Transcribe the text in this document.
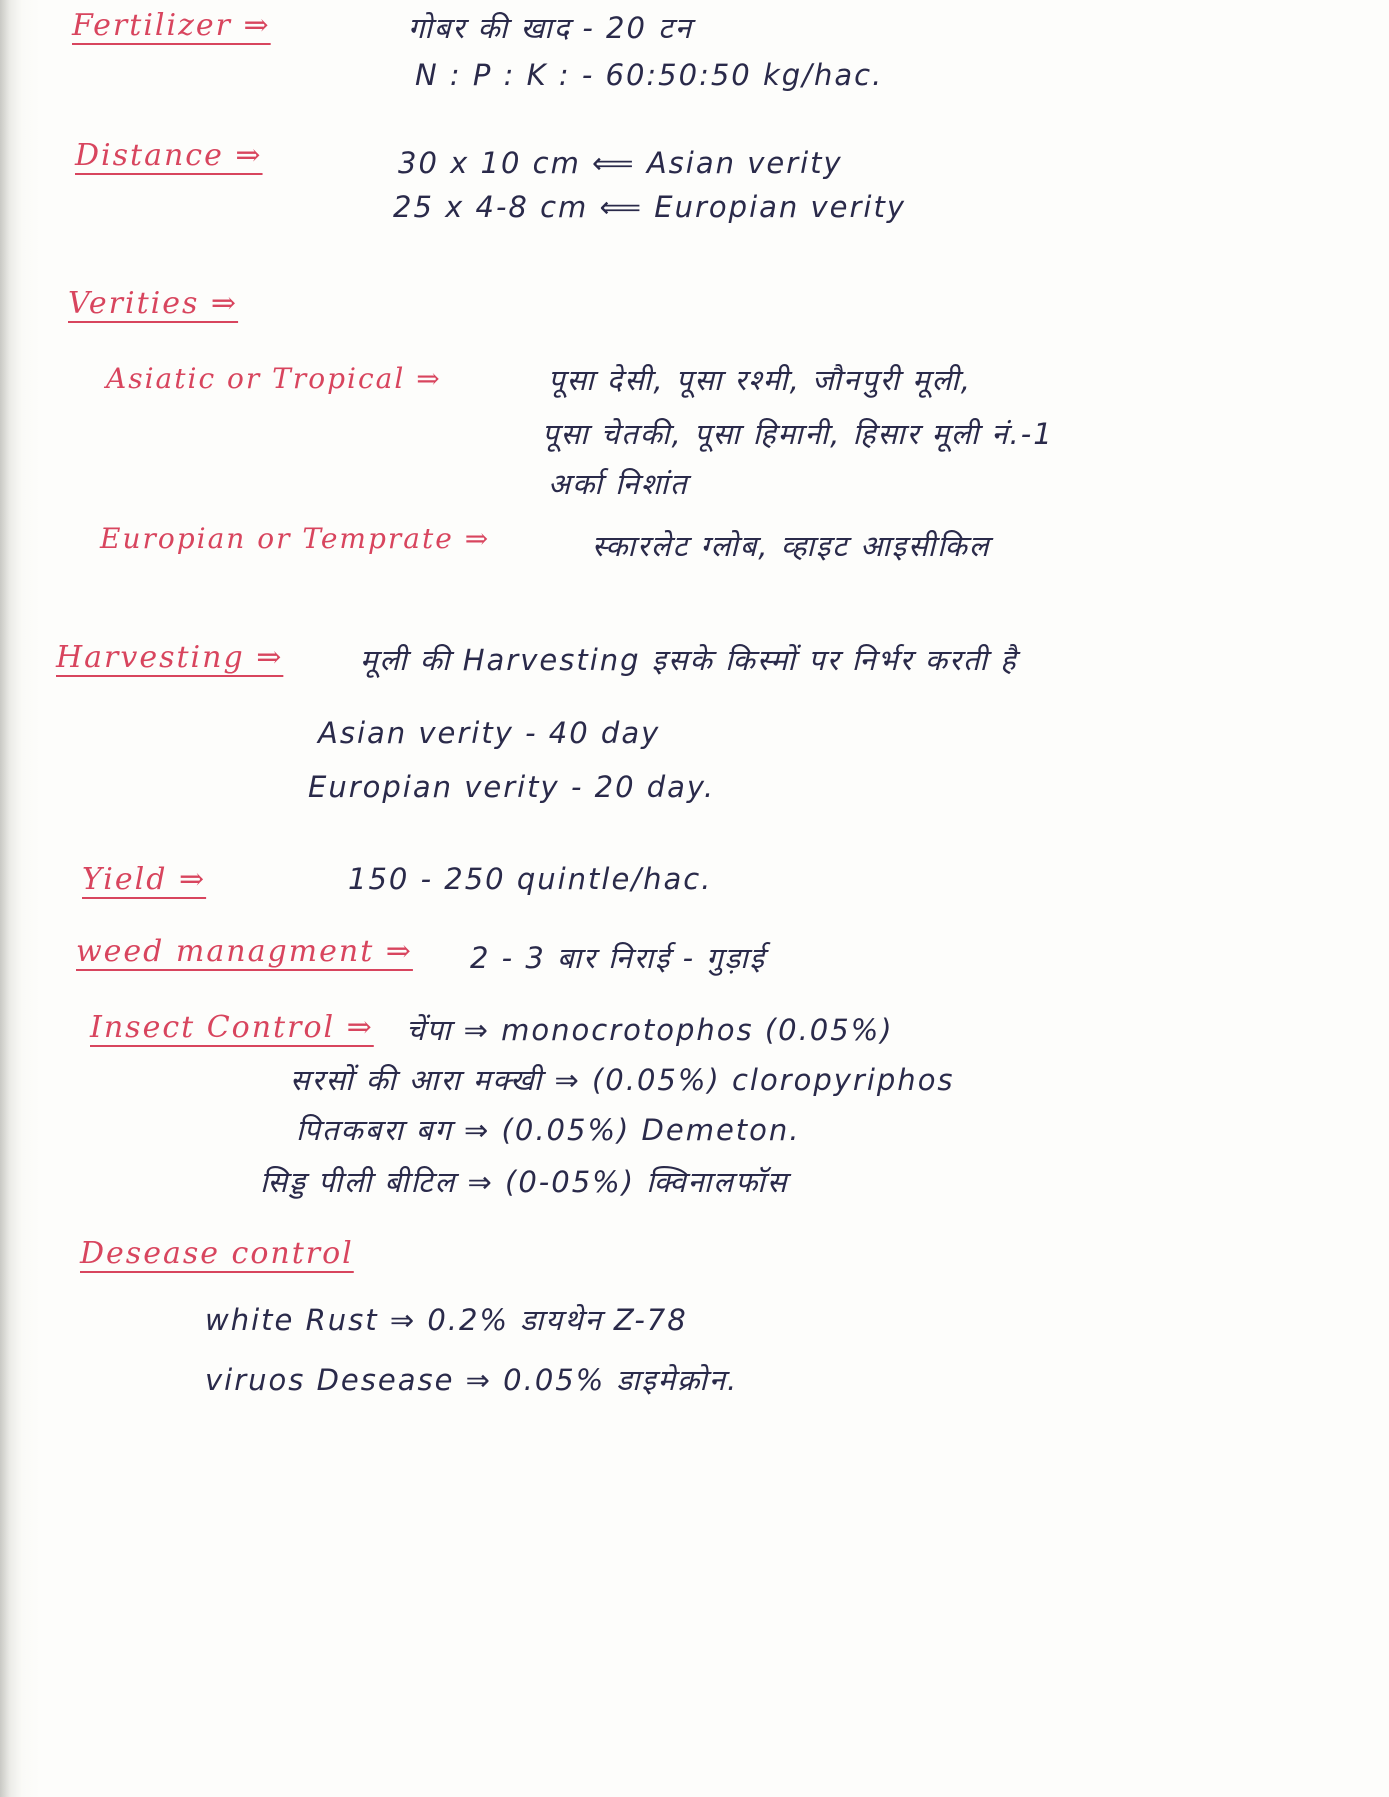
Fertilizer ⇒	गोबर की खाद - 20 टन
N : P : K : - 60:50:50 kg/hac.
Distance ⇒	30 x 10 cm ⟸ Asian verity
25 x 4-8 cm ⟸ Europian verity
Verities ⇒
Asiatic or Tropical ⇒	पूसा देसी, पूसा रश्मी, जौनपुरी मूली,
पूसा चेतकी, पूसा हिमानी, हिसार मूली नं.-1
अर्का निशांत
Europian or Temprate ⇒	स्कारलेट ग्लोब, व्हाइट आइसीकिल
Harvesting ⇒	मूली की Harvesting इसके किस्मों पर निर्भर करती है
Asian verity - 40 day
Europian verity - 20 day.
Yield ⇒	150 - 250 quintle/hac.
weed managment ⇒ 2 - 3 बार निराई - गुड़ाई
Insect Control ⇒ चेंपा ⇒ monocrotophos (0.05%)
सरसों की आरा मक्खी ⇒ (0.05%) cloropyriphos
पितकबरा बग ⇒ (0.05%) Demeton.
सिड्ड पीली बीटिल ⇒ (0-05%) क्विनालफॉस
Desease control
white Rust ⇒ 0.2% डायथेन Z-78
viruos Desease ⇒ 0.05% डाइमेक्रोन.
